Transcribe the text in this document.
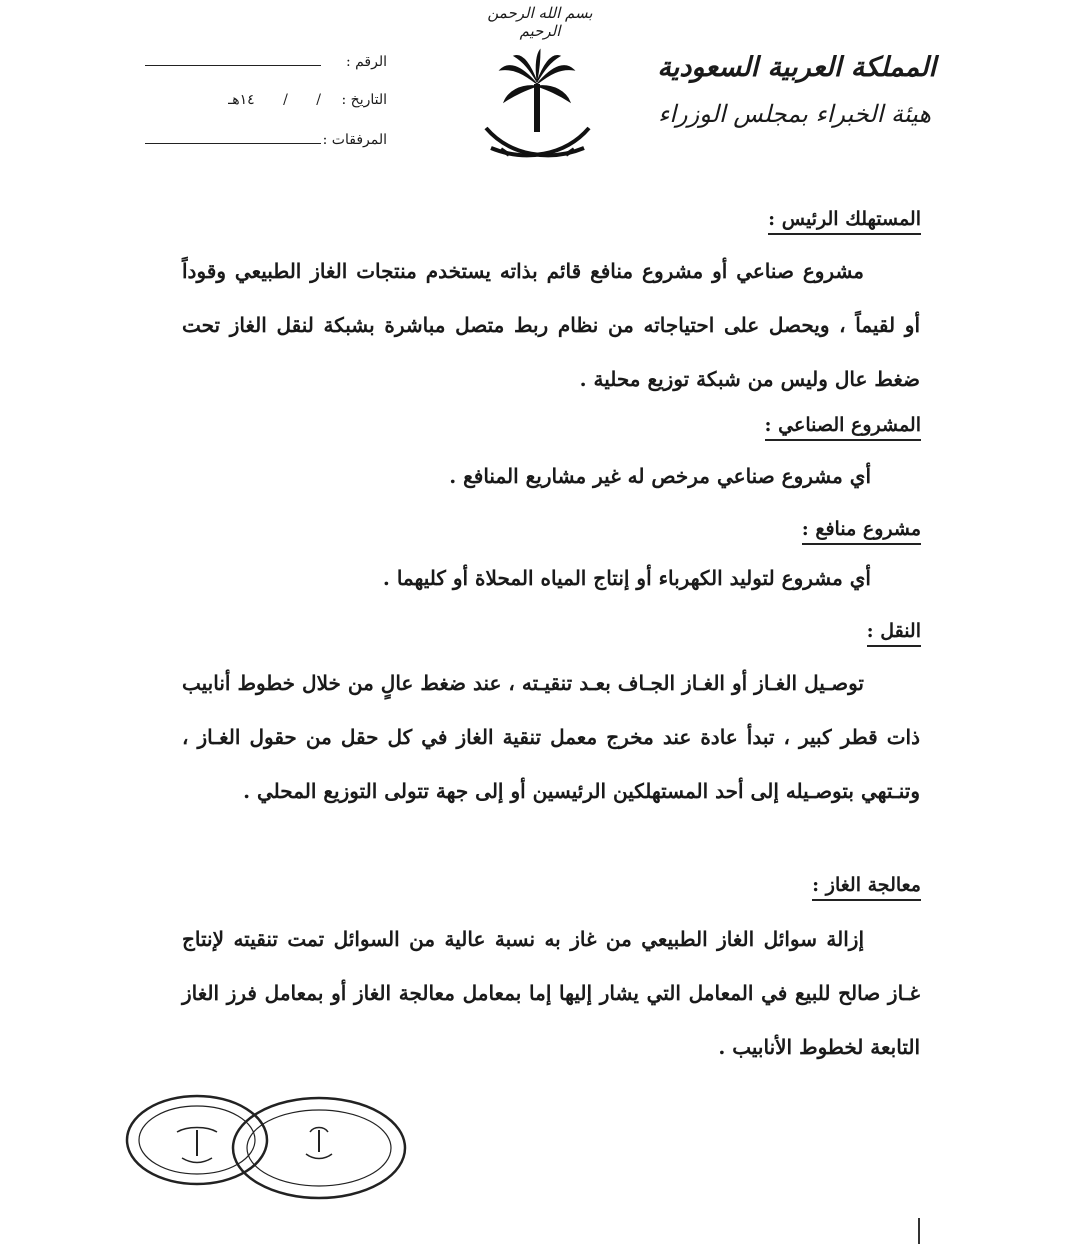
بسم الله الرحمن الرحيم
المملكة العربية السعودية
هيئة الخبراء بمجلس الوزراء
الرقم :
التاريخ :
/ / ١٤هـ
المرفقات :
المستهلك الرئيس :
مشروع صناعي أو مشروع منافع قائم بذاته يستخدم منتجات الغاز الطبيعي وقوداً أو لقيماً ، ويحصل على احتياجاته من نظام ربط متصل مباشرة بشبكة لنقل الغاز تحت ضغط عال وليس من شبكة توزيع محلية .
المشروع الصناعي :
أي مشروع صناعي مرخص له غير مشاريع المنافع .
مشروع منافع :
أي مشروع لتوليد الكهرباء أو إنتاج المياه المحلاة أو كليهما .
النقل :
توصـيل الغـاز أو الغـاز الجـاف بعـد تنقيـته ، عند ضغط عالٍ من خلال خطوط أنابيب ذات قطر كبير ، تبدأ عادة عند مخرج معمل تنقية الغاز في كل حقل من حقول الغـاز ، وتنـتهي بتوصـيله إلى أحد المستهلكين الرئيسين أو إلى جهة تتولى التوزيع المحلي .
معالجة الغاز :
إزالة سوائل الغاز الطبيعي من غاز به نسبة عالية من السوائل تمت تنقيته لإنتاج غـاز صالح للبيع في المعامل التي يشار إليها إما بمعامل معالجة الغاز أو بمعامل فرز الغاز التابعة لخطوط الأنابيب .
